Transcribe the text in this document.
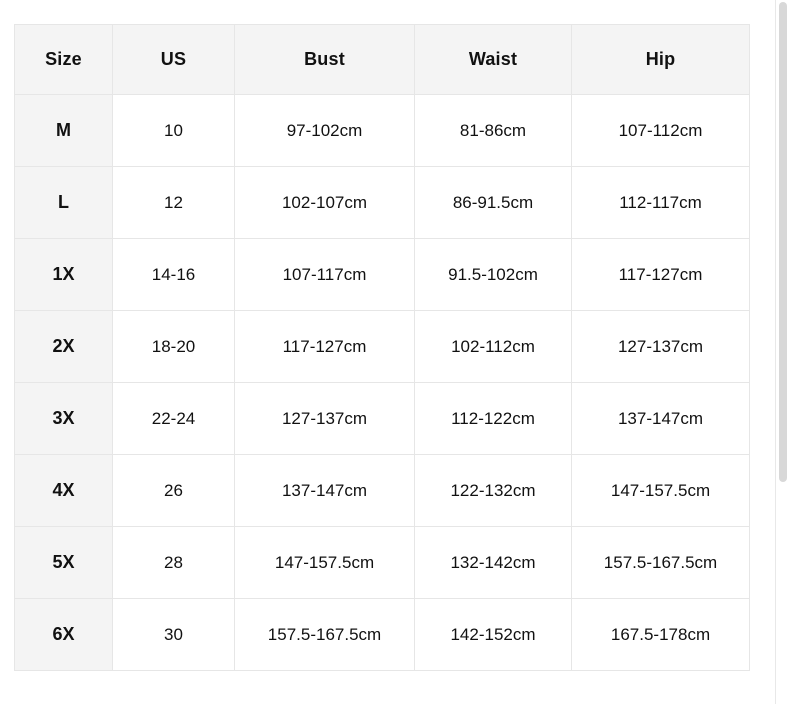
Size	US	Bust	Waist	Hip
M	10	97-102cm	81-86cm	107-112cm
L	12	102-107cm	86-91.5cm	112-117cm
1X	14-16	107-117cm	91.5-102cm	117-127cm
2X	18-20	117-127cm	102-112cm	127-137cm
3X	22-24	127-137cm	112-122cm	137-147cm
4X	26	137-147cm	122-132cm	147-157.5cm
5X	28	147-157.5cm	132-142cm	157.5-167.5cm
6X	30	157.5-167.5cm	142-152cm	167.5-178cm
